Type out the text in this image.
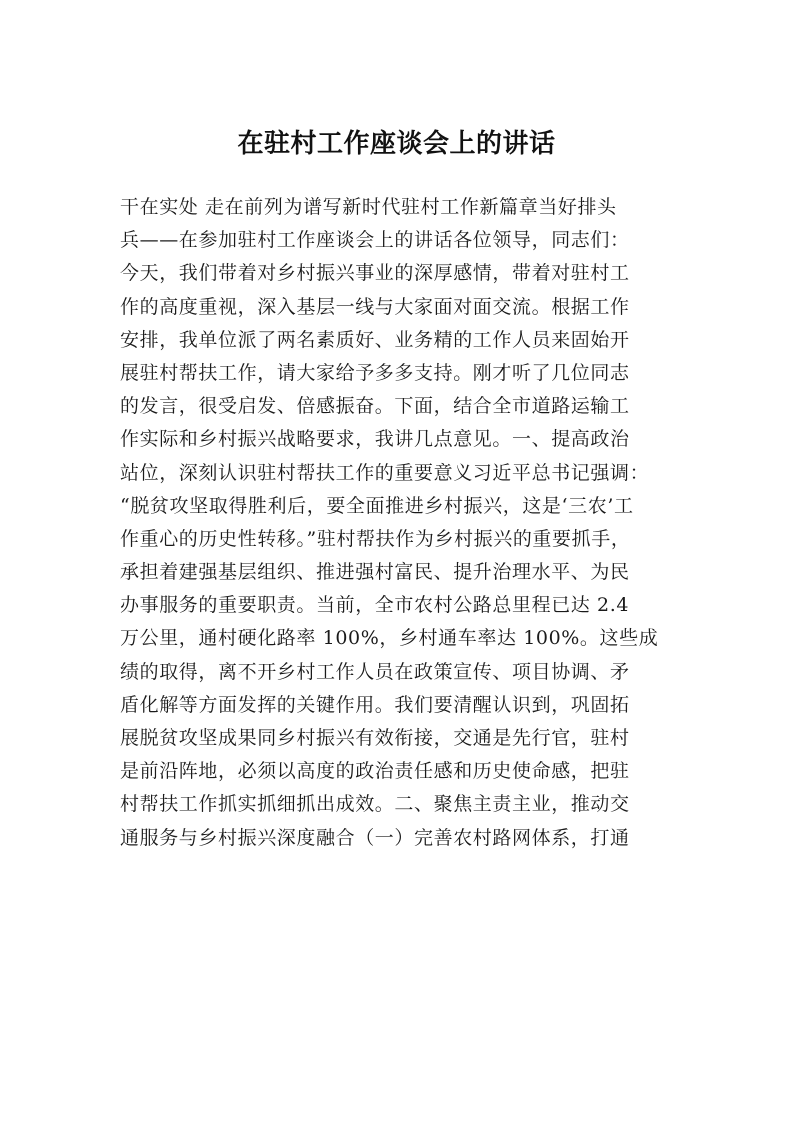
在驻村工作座谈会上的讲话
干在实处 走在前列为谱写新时代驻村工作新篇章当好排头
兵——在参加驻村工作座谈会上的讲话各位领导，同志们：
今天，我们带着对乡村振兴事业的深厚感情，带着对驻村工
作的高度重视，深入基层一线与大家面对面交流。根据工作
安排，我单位派了两名素质好、业务精的工作人员来固始开
展驻村帮扶工作，请大家给予多多支持。刚才听了几位同志
的发言，很受启发、倍感振奋。下面，结合全市道路运输工
作实际和乡村振兴战略要求，我讲几点意见。一、提高政治
站位，深刻认识驻村帮扶工作的重要意义习近平总书记强调：
“脱贫攻坚取得胜利后，要全面推进乡村振兴，这是‘三农’工
作重心的历史性转移。”驻村帮扶作为乡村振兴的重要抓手，
承担着建强基层组织、推进强村富民、提升治理水平、为民
办事服务的重要职责。当前，全市农村公路总里程已达 2.4
万公里，通村硬化路率 100%，乡村通车率达 100%。这些成
绩的取得，离不开乡村工作人员在政策宣传、项目协调、矛
盾化解等方面发挥的关键作用。我们要清醒认识到，巩固拓
展脱贫攻坚成果同乡村振兴有效衔接，交通是先行官，驻村
是前沿阵地，必须以高度的政治责任感和历史使命感，把驻
村帮扶工作抓实抓细抓出成效。二、聚焦主责主业，推动交
通服务与乡村振兴深度融合（一）完善农村路网体系，打通
